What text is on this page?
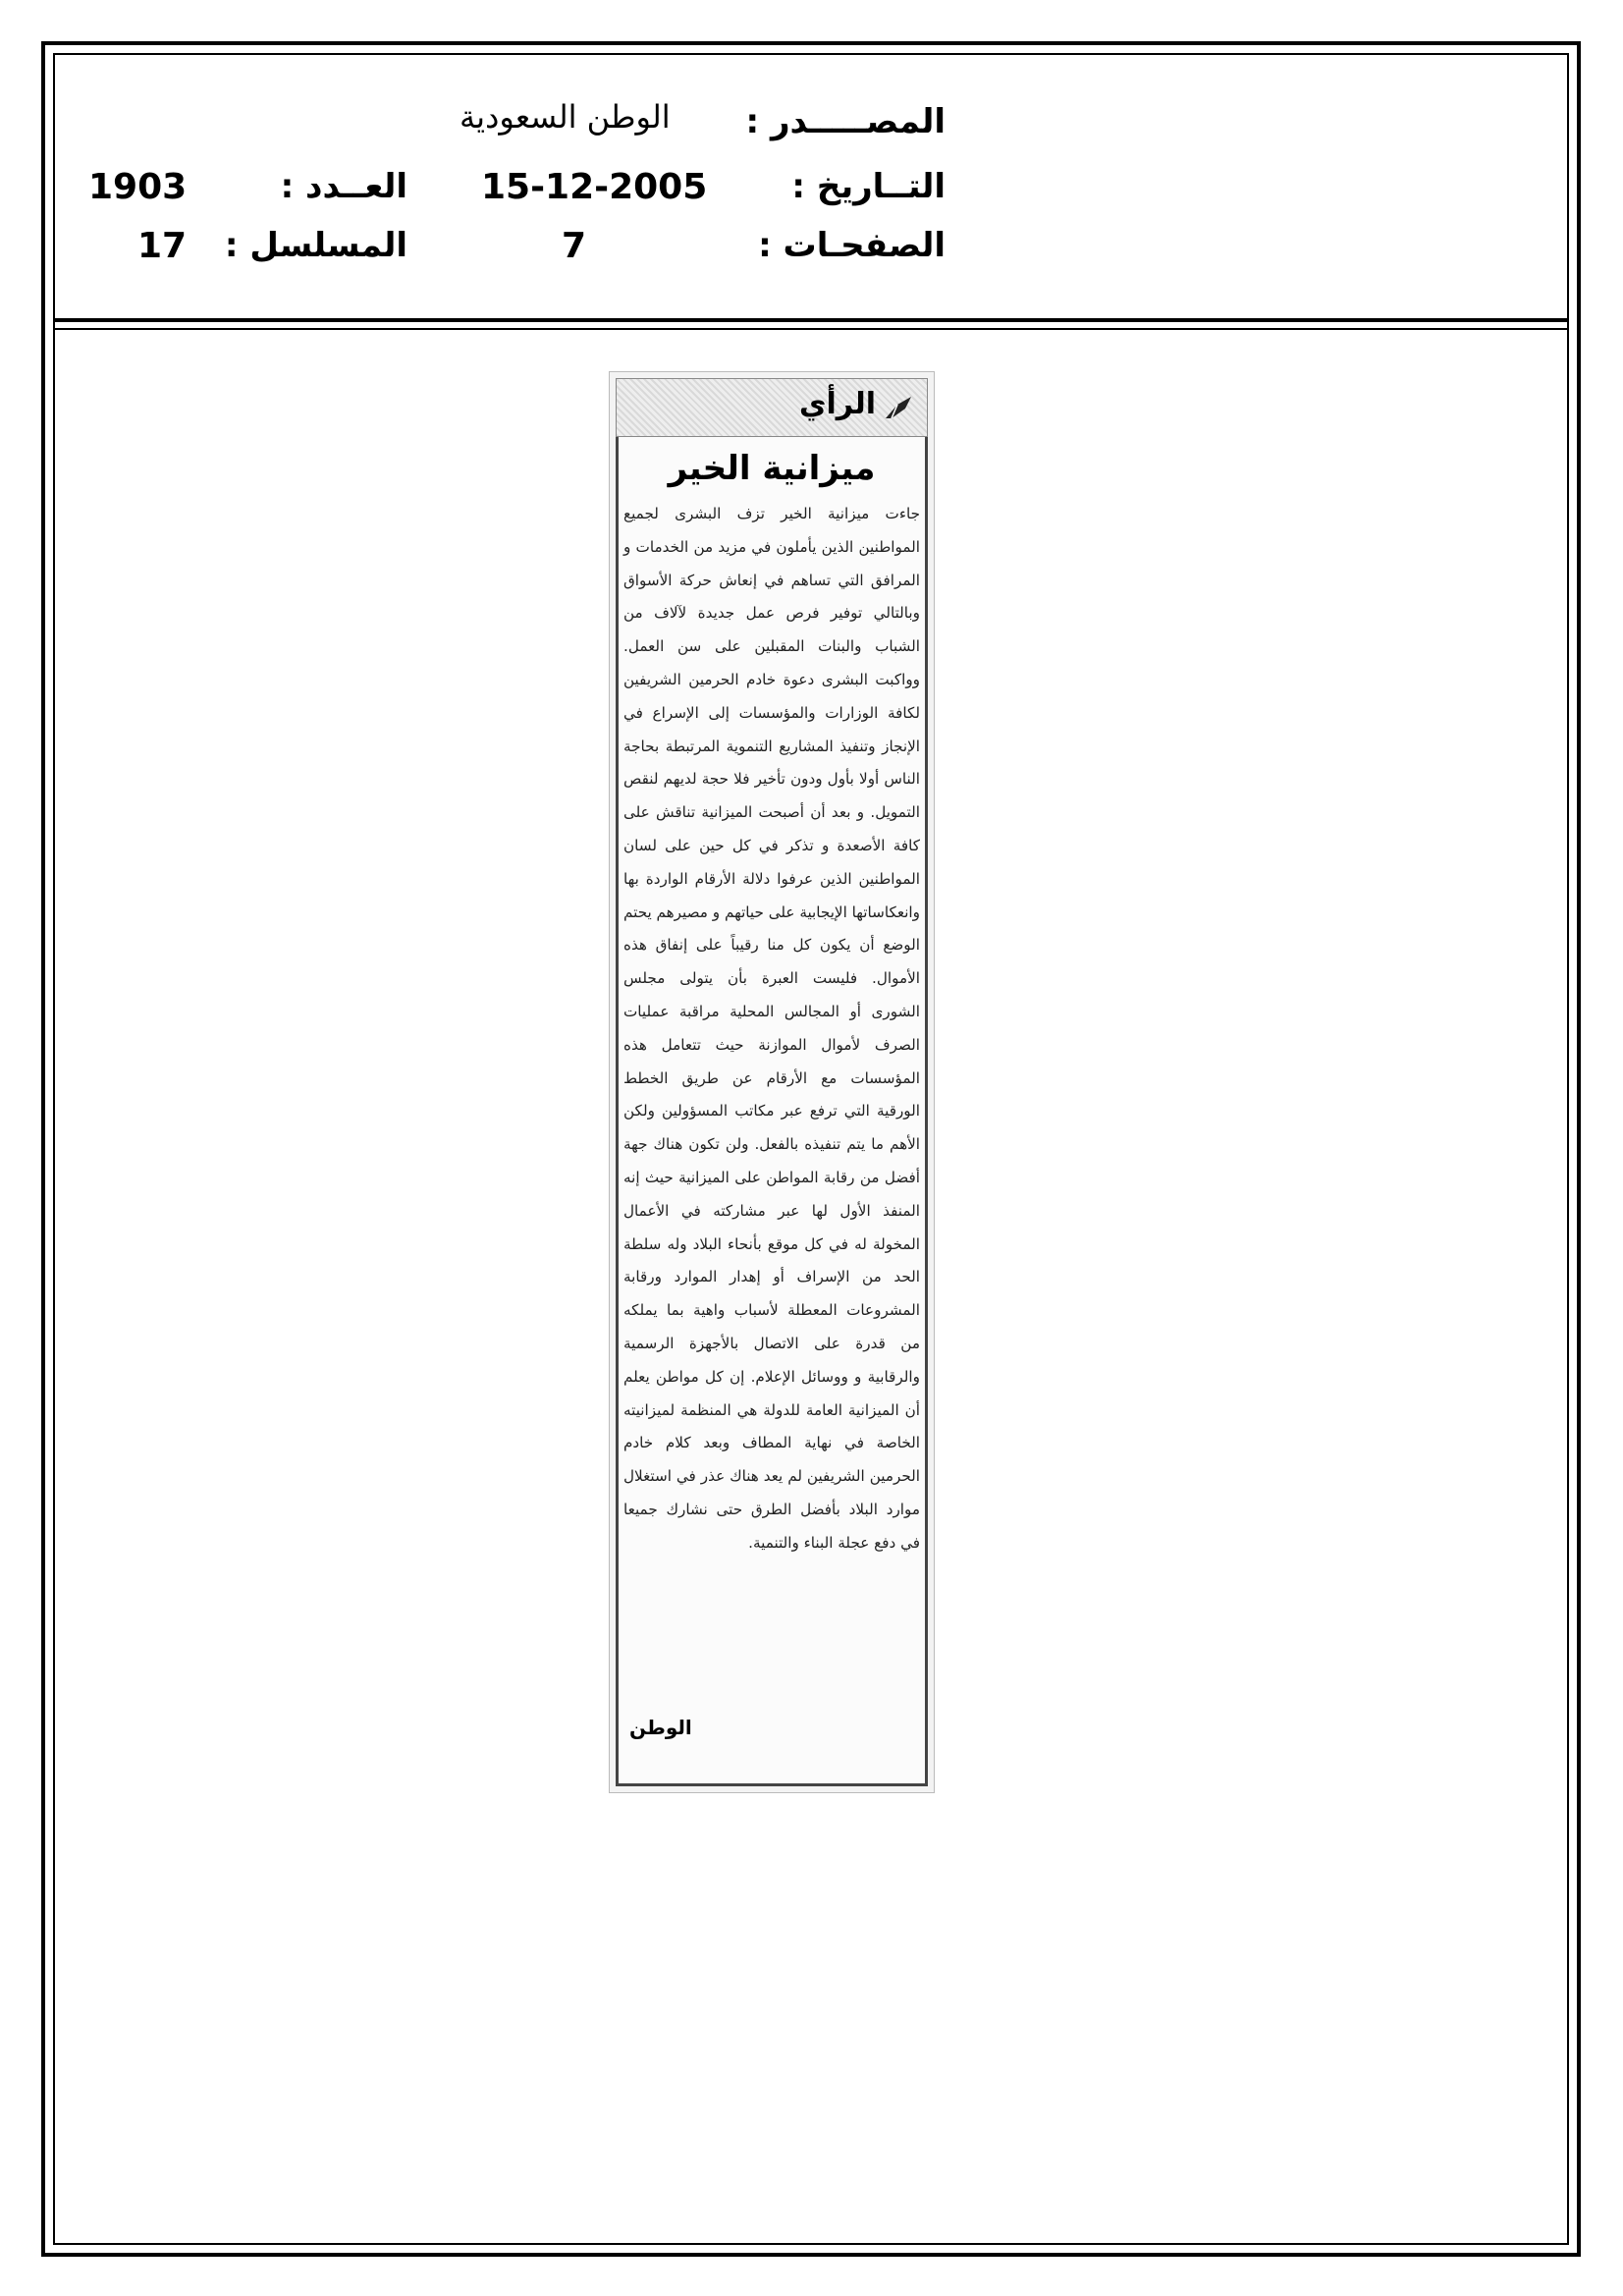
المصـــــدر :
الوطن السعودية
التــاريخ :
15-12-2005
العــدد :
1903
الصفحـات :
7
المسلسل :
17
الرأي
ميزانية الخير
جاءت ميزانية الخير تزف البشرى لجميع المواطنين الذين يأملون في مزيد من الخدمات و المرافق التي تساهم في إنعاش حركة الأسواق وبالتالي توفير فرص عمل جديدة لآلاف من الشباب والبنات المقبلين على سن العمل. وواكبت البشرى دعوة خادم الحرمين الشريفين لكافة الوزارات والمؤسسات إلى الإسراع في الإنجاز وتنفيذ المشاريع التنموية المرتبطة بحاجة الناس أولا بأول ودون تأخير فلا حجة لديهم لنقص التمويل. و بعد أن أصبحت الميزانية تناقش على كافة الأصعدة و تذكر في كل حين على لسان المواطنين الذين عرفوا دلالة الأرقام الواردة بها وانعكاساتها الإيجابية على حياتهم و مصيرهم يحتم الوضع أن يكون كل منا رقيباً على إنفاق هذه الأموال. فليست العبرة بأن يتولى مجلس الشورى أو المجالس المحلية مراقبة عمليات الصرف لأموال الموازنة حيث تتعامل هذه المؤسسات مع الأرقام عن طريق الخطط الورقية التي ترفع عبر مكاتب المسؤولين ولكن الأهم ما يتم تنفيذه بالفعل. ولن تكون هناك جهة أفضل من رقابة المواطن على الميزانية حيث إنه المنفذ الأول لها عبر مشاركته في الأعمال المخولة له في كل موقع بأنحاء البلاد وله سلطة الحد من الإسراف أو إهدار الموارد ورقابة المشروعات المعطلة لأسباب واهية بما يملكه من قدرة على الاتصال بالأجهزة الرسمية والرقابية و ووسائل الإعلام. إن كل مواطن يعلم أن الميزانية العامة للدولة هي المنظمة لميزانيته الخاصة في نهاية المطاف وبعد كلام خادم الحرمين الشريفين لم يعد هناك عذر في استغلال موارد البلاد بأفضل الطرق حتى نشارك جميعا في دفع عجلة البناء والتنمية.
الوطن
